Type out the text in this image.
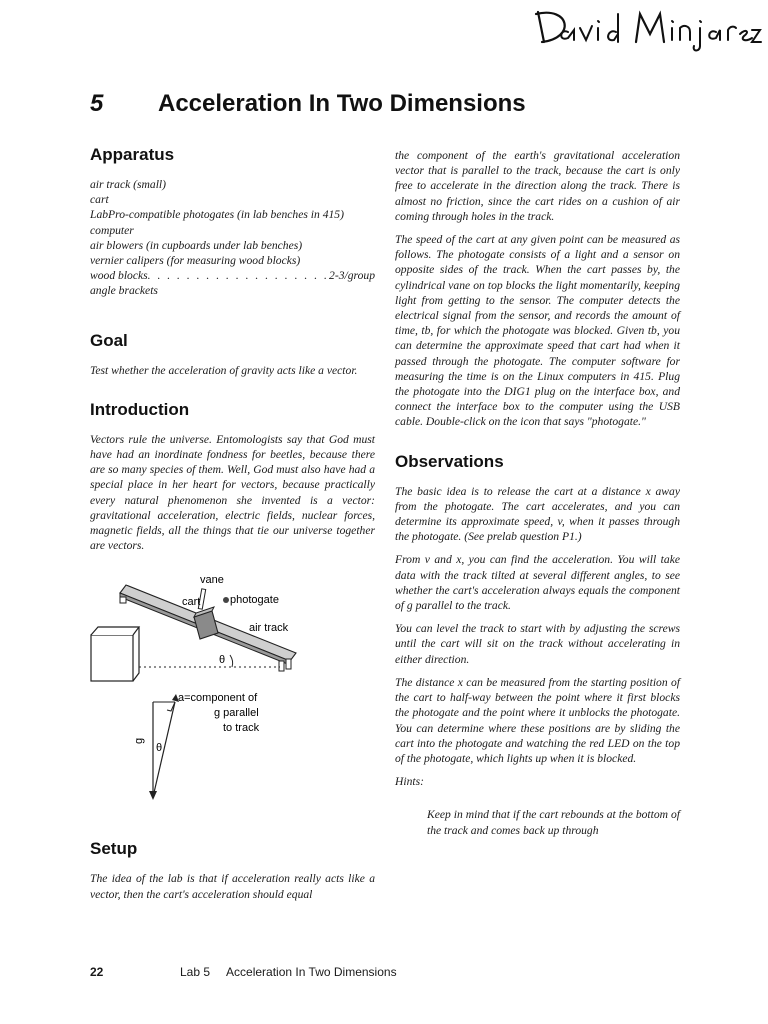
5 Acceleration In Two Dimensions
Apparatus
air track (small)
cart
LabPro-compatible photogates (in lab benches in 415)
computer
air blowers (in cupboards under lab benches)
vernier calipers (for measuring wood blocks)
wood blocks
. . .	2-3/group
angle brackets
Goal

Test whether the acceleration of gravity acts like a vector.

Introduction

Vectors rule the universe. Entomologists say that God must have had an inordinate fondness for beetles, because there are so many species of them. Well, God must also have had a special place in her heart for vectors, because practically every natural phenomenon she invented is a vector: gravitational acceleration, electric fields, nuclear forces, magnetic fields, all the things that tie our universe together are vectors.

vane
cart	photogate
air track
θ
θ
g
a=component of
g parallel
to track
Setup

The idea of the lab is that if acceleration really acts like a vector, then the cart's acceleration should equal

the component of the earth's gravitational acceleration vector that is parallel to the track, because the cart is only free to accelerate in the direction along the track. There is almost no friction, since the cart rides on a cushion of air coming through holes in the track.

The speed of the cart at any given point can be measured as follows. The photogate consists of a light and a sensor on opposite sides of the track. When the cart passes by, the cylindrical vane on top blocks the light momentarily, keeping light from getting to the sensor. The computer detects the electrical signal from the sensor, and records the amount of time, tb, for which the photogate was blocked. Given tb, you can determine the approximate speed that cart had when it passed through the photogate. The computer software for measuring the time is on the Linux computers in 415. Plug the photogate into the DIG1 plug on the interface box, and connect the interface box to the computer using the USB cable. Double-click on the icon that says "photogate."

Observations

The basic idea is to release the cart at a distance x away from the photogate. The cart accelerates, and you can determine its approximate speed, v, when it passes through the photogate. (See prelab question P1.)

From v and x, you can find the acceleration. You will take data with the track tilted at several different angles, to see whether the cart's acceleration always equals the component of g parallel to the track.

You can level the track to start with by adjusting the screws until the cart will sit on the track without accelerating in either direction.

The distance x can be measured from the starting position of the cart to half-way between the point where it first blocks the photogate and the point where it unblocks the photogate. You can determine where these positions are by sliding the cart into the photogate and watching the red LED on the top of the photogate, which lights up when it is blocked.

Hints:

Keep in mind that if the cart rebounds at the bottom of the track and comes back up through

22	Lab 5     Acceleration In Two Dimensions
